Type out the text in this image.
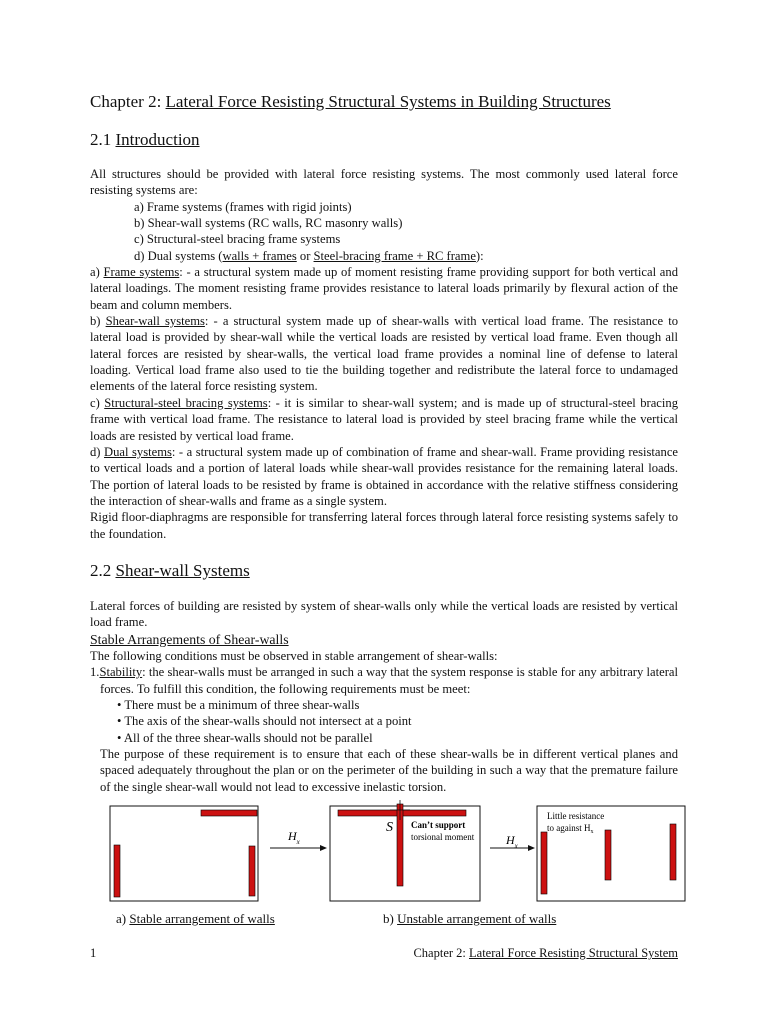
Chapter 2: Lateral Force Resisting Structural Systems in Building Structures
2.1 Introduction

All structures should be provided with lateral force resisting systems. The most commonly used lateral force resisting systems are:

a) Frame systems (frames with rigid joints)

b) Shear-wall systems (RC walls, RC masonry walls)

c) Structural-steel bracing frame systems

d) Dual systems (walls + frames or Steel-bracing frame + RC frame):

a) Frame systems: - a structural system made up of moment resisting frame providing support for both vertical and lateral loadings. The moment resisting frame provides resistance to lateral loads primarily by flexural action of the beam and column members.

b) Shear-wall systems: - a structural system made up of shear-walls with vertical load frame. The resistance to lateral load is provided by shear-wall while the vertical loads are resisted by vertical load frame. Even though all lateral forces are resisted by shear-walls, the vertical load frame provides a nominal line of defense to lateral loading. Vertical load frame also used to tie the building together and redistribute the lateral force to undamaged elements of the lateral force resisting system.

c) Structural-steel bracing systems: - it is similar to shear-wall system; and is made up of structural-steel bracing frame with vertical load frame. The resistance to lateral load is provided by steel bracing frame while the vertical loads are resisted by vertical load frame.

d) Dual systems: - a structural system made up of combination of frame and shear-wall. Frame providing resistance to vertical loads and a portion of lateral loads while shear-wall provides resistance for the remaining lateral loads. The portion of lateral loads to be resisted by frame is obtained in accordance with the relative stiffness considering the interaction of shear-walls and frame as a single system.

Rigid floor-diaphragms are responsible for transferring lateral forces through lateral force resisting systems safely to the foundation.

2.2 Shear-wall Systems

Lateral forces of building are resisted by system of shear-walls only while the vertical loads are resisted by vertical load frame.

Stable Arrangements of Shear-walls

The following conditions must be observed in stable arrangement of shear-walls:

1.Stability: the shear-walls must be arranged in such a way that the system response is stable for any arbitrary lateral forces. To fulfill this condition, the following requirements must be meet:

• There must be a minimum of three shear-walls

• The axis of the shear-walls should not intersect at a point

• All of the three shear-walls should not be parallel

The purpose of these requirement is to ensure that each of these shear-walls be in different vertical planes and spaced adequately throughout the plan or on the perimeter of the building in such a way that the premature failure of the single shear-wall would not lead to excessive inelastic torsion.

$H_x$
S Can’t support
torsional moment	$H_x$
Little resistance
to against $H_x$
a) Stable arrangement of walls	b) Unstable arrangement of walls
1	Chapter 2: Lateral Force Resisting Structural System
